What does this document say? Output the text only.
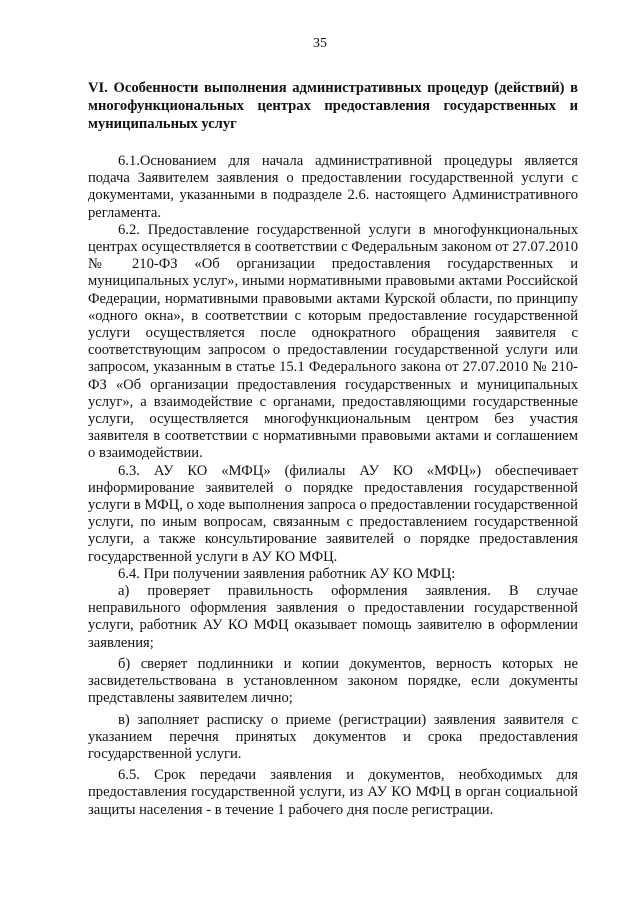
35
VI. Особенности выполнения административных процедур (действий) в многофункциональных центрах предоставления государственных и муниципальных услуг

6.1.Основанием для начала административной процедуры является подача Заявителем заявления о предоставлении государственной услуги с документами, указанными в подразделе 2.6. настоящего Административного регламента.

6.2. Предоставление государственной услуги в многофункциональных центрах осуществляется в соответствии с Федеральным законом от 27.07.2010 № 210-ФЗ «Об организации предоставления государственных и муниципальных услуг», иными нормативными правовыми актами Российской Федерации, нормативными правовыми актами Курской области, по принципу «одного окна», в соответствии с которым предоставление государственной услуги осуществляется после однократного обращения заявителя с соответствующим запросом о предоставлении государственной услуги или запросом, указанным в статье 15.1 Федерального закона от 27.07.2010 № 210-ФЗ «Об организации предоставления государственных и муниципальных услуг», а взаимодействие с органами, предоставляющими государственные услуги, осуществляется многофункциональным центром без участия заявителя в соответствии с нормативными правовыми актами и соглашением о взаимодействии.

6.3. АУ КО «МФЦ» (филиалы АУ КО «МФЦ») обеспечивает информирование заявителей о порядке предоставления государственной услуги в МФЦ, о ходе выполнения запроса о предоставлении государственной услуги, по иным вопросам, связанным с предоставлением государственной услуги, а также консультирование заявителей о порядке предоставления государственной услуги в АУ КО МФЦ.

6.4. При получении заявления работник АУ КО МФЦ:

а) проверяет правильность оформления заявления. В случае неправильного оформления заявления о предоставлении государственной услуги, работник АУ КО МФЦ оказывает помощь заявителю в оформлении заявления;

б) сверяет подлинники и копии документов, верность которых не засвидетельствована в установленном законом порядке, если документы представлены заявителем лично;

в) заполняет расписку о приеме (регистрации) заявления заявителя с указанием перечня принятых документов и срока предоставления государственной услуги.

6.5. Срок передачи заявления и документов, необходимых для предоставления государственной услуги, из АУ КО МФЦ в орган социальной защиты населения - в течение 1 рабочего дня после регистрации.
